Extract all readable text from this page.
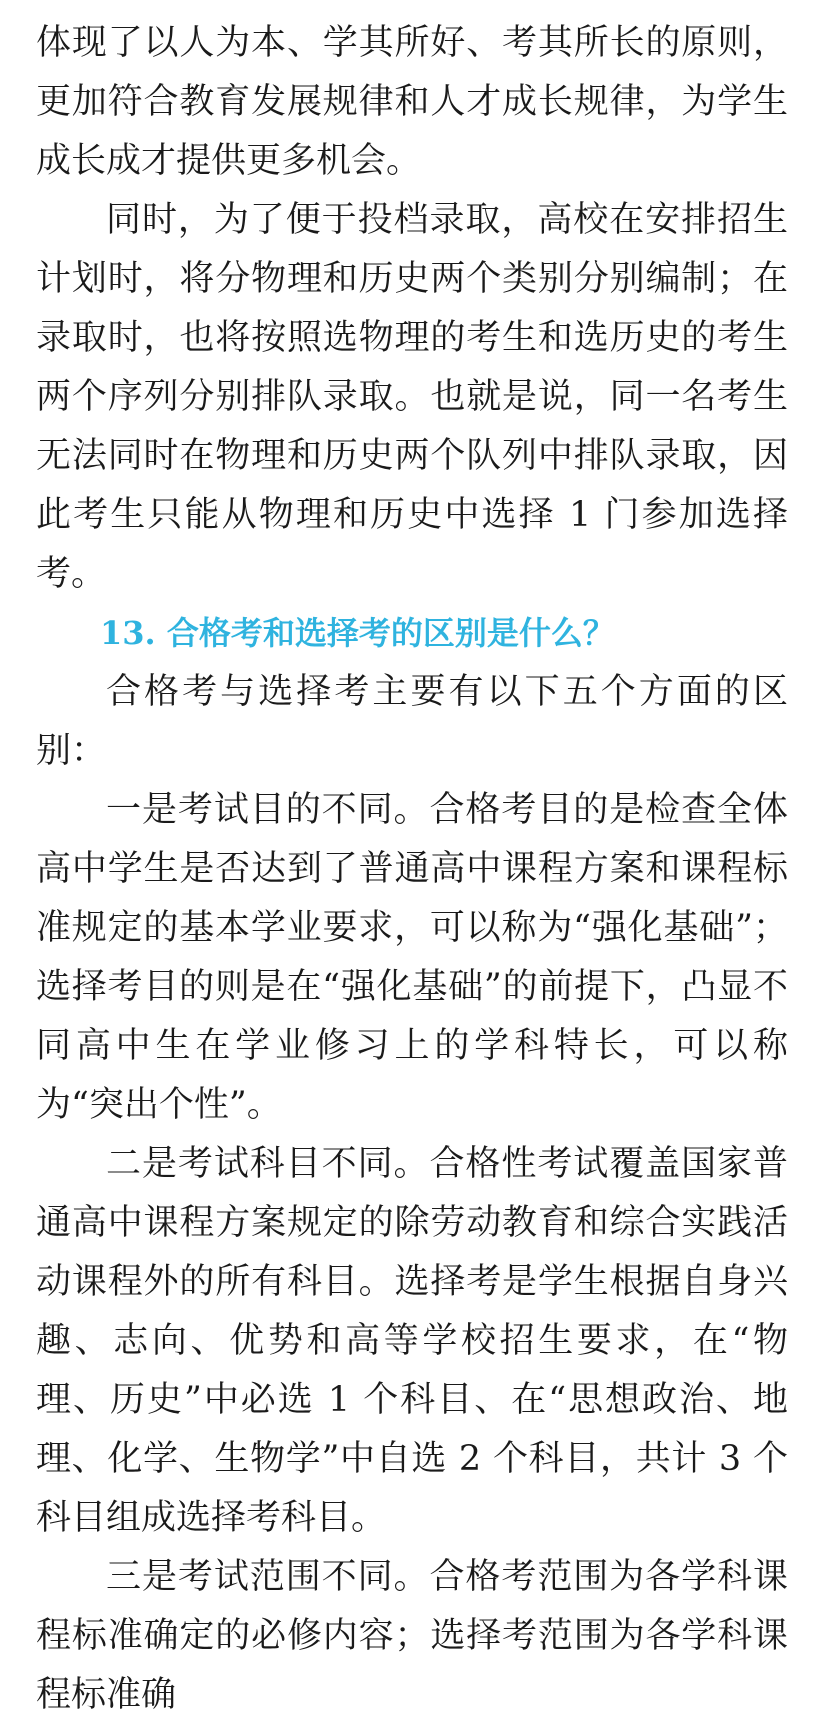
体现了以人为本、学其所好、考其所长的原则，更加符合教育发展规律和人才成长规律，为学生成长成才提供更多机会。

同时，为了便于投档录取，高校在安排招生计划时，将分物理和历史两个类别分别编制；在录取时，也将按照选物理的考生和选历史的考生两个序列分别排队录取。也就是说，同一名考生无法同时在物理和历史两个队列中排队录取，因此考生只能从物理和历史中选择 1 门参加选择考。

13. 合格考和选择考的区别是什么？

合格考与选择考主要有以下五个方面的区别：

一是考试目的不同。合格考目的是检查全体高中学生是否达到了普通高中课程方案和课程标准规定的基本学业要求，可以称为“强化基础”；选择考目的则是在“强化基础”的前提下，凸显不同高中生在学业修习上的学科特长，可以称为“突出个性”。

二是考试科目不同。合格性考试覆盖国家普通高中课程方案规定的除劳动教育和综合实践活动课程外的所有科目。选择考是学生根据自身兴趣、志向、优势和高等学校招生要求，在“物理、历史”中必选 1 个科目、在“思想政治、地理、化学、生物学”中自选 2 个科目，共计 3 个科目组成选择考科目。

三是考试范围不同。合格考范围为各学科课程标准确定的必修内容；选择考范围为各学科课程标准确
